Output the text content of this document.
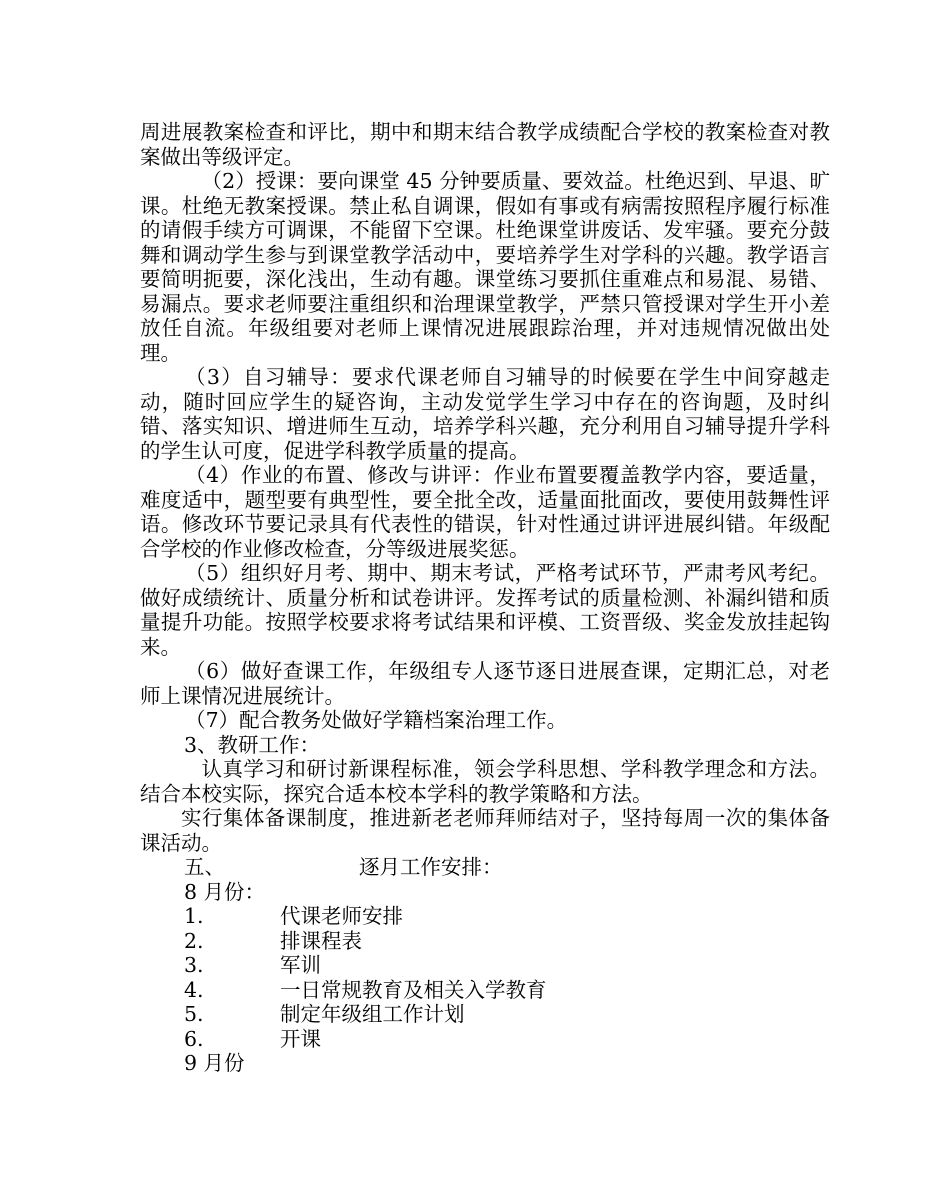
周进展教案检查和评比，期中和期末结合教学成绩配合学校的教案检查对教案做出等级评定。

（2）授课：要向课堂 45 分钟要质量、要效益。杜绝迟到、早退、旷课。杜绝无教案授课。禁止私自调课，假如有事或有病需按照程序履行标准的请假手续方可调课，不能留下空课。杜绝课堂讲废话、发牢骚。要充分鼓舞和调动学生参与到课堂教学活动中，要培养学生对学科的兴趣。教学语言要简明扼要，深化浅出，生动有趣。课堂练习要抓住重难点和易混、易错、易漏点。要求老师要注重组织和治理课堂教学，严禁只管授课对学生开小差放任自流。年级组要对老师上课情况进展跟踪治理，并对违规情况做出处理。

（3）自习辅导：要求代课老师自习辅导的时候要在学生中间穿越走动，随时回应学生的疑咨询，主动发觉学生学习中存在的咨询题，及时纠错、落实知识、增进师生互动，培养学科兴趣，充分利用自习辅导提升学科的学生认可度，促进学科教学质量的提高。

（4）作业的布置、修改与讲评：作业布置要覆盖教学内容，要适量，难度适中，题型要有典型性，要全批全改，适量面批面改，要使用鼓舞性评语。修改环节要记录具有代表性的错误，针对性通过讲评进展纠错。年级配合学校的作业修改检查，分等级进展奖惩。

（5）组织好月考、期中、期末考试，严格考试环节，严肃考风考纪。做好成绩统计、质量分析和试卷讲评。发挥考试的质量检测、补漏纠错和质量提升功能。按照学校要求将考试结果和评模、工资晋级、奖金发放挂起钩来。

（6）做好查课工作，年级组专人逐节逐日进展查课，定期汇总，对老师上课情况进展统计。

（7）配合教务处做好学籍档案治理工作。

3、教研工作：

认真学习和研讨新课程标准，领会学科思想、学科教学理念和方法。结合本校实际，探究合适本校本学科的教学策略和方法。

实行集体备课制度，推进新老老师拜师结对子，坚持每周一次的集体备课活动。

五、	逐月工作安排：

8 月份：

1.	代课老师安排
2.	排课程表
3.	军训
4.	一日常规教育及相关入学教育
5.	制定年级组工作计划
6.	开课

9 月份
